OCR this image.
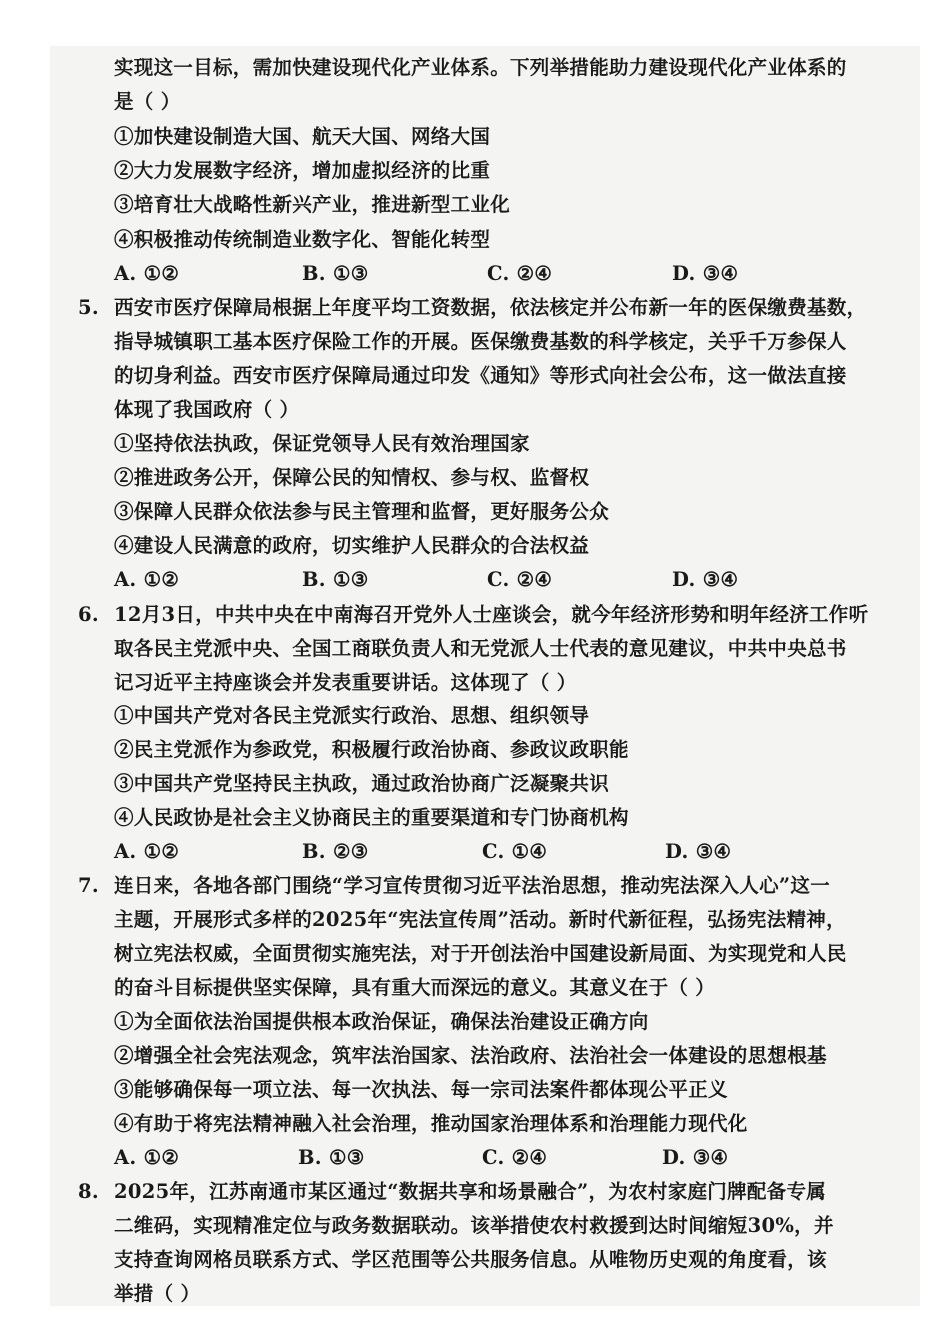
实现这一目标，需加快建设现代化产业体系。下列举措能助力建设现代化产业体系的
是（ ）
①加快建设制造大国、航天大国、网络大国
②大力发展数字经济，增加虚拟经济的比重
③培育壮大战略性新兴产业，推进新型工业化
④积极推动传统制造业数字化、智能化转型
A. ①②	B. ①③	C. ②④	D. ③④
5. 西安市医疗保障局根据上年度平均工资数据，依法核定并公布新一年的医保缴费基数，
指导城镇职工基本医疗保险工作的开展。医保缴费基数的科学核定，关乎千万参保人
的切身利益。西安市医疗保障局通过印发《通知》等形式向社会公布，这一做法直接
体现了我国政府（ ）
①坚持依法执政，保证党领导人民有效治理国家
②推进政务公开，保障公民的知情权、参与权、监督权
③保障人民群众依法参与民主管理和监督，更好服务公众
④建设人民满意的政府，切实维护人民群众的合法权益
A. ①②	B. ①③	C. ②④	D. ③④
6. 12月3日，中共中央在中南海召开党外人士座谈会，就今年经济形势和明年经济工作听
取各民主党派中央、全国工商联负责人和无党派人士代表的意见建议，中共中央总书
记习近平主持座谈会并发表重要讲话。这体现了（ ）
①中国共产党对各民主党派实行政治、思想、组织领导
②民主党派作为参政党，积极履行政治协商、参政议政职能
③中国共产党坚持民主执政，通过政治协商广泛凝聚共识
④人民政协是社会主义协商民主的重要渠道和专门协商机构
A. ①②	B. ②③	C. ①④	D. ③④
7. 连日来，各地各部门围绕“学习宣传贯彻习近平法治思想，推动宪法深入人心”这一
主题，开展形式多样的2025年“宪法宣传周”活动。新时代新征程，弘扬宪法精神，
树立宪法权威，全面贯彻实施宪法，对于开创法治中国建设新局面、为实现党和人民
的奋斗目标提供坚实保障，具有重大而深远的意义。其意义在于（ ）
①为全面依法治国提供根本政治保证，确保法治建设正确方向
②增强全社会宪法观念，筑牢法治国家、法治政府、法治社会一体建设的思想根基
③能够确保每一项立法、每一次执法、每一宗司法案件都体现公平正义
④有助于将宪法精神融入社会治理，推动国家治理体系和治理能力现代化
A. ①②	B. ①③	C. ②④	D. ③④
8. 2025年，江苏南通市某区通过“数据共享和场景融合”，为农村家庭门牌配备专属
二维码，实现精准定位与政务数据联动。该举措使农村救援到达时间缩短30%，并
支持查询网格员联系方式、学区范围等公共服务信息。从唯物历史观的角度看，该
举措（ ）
